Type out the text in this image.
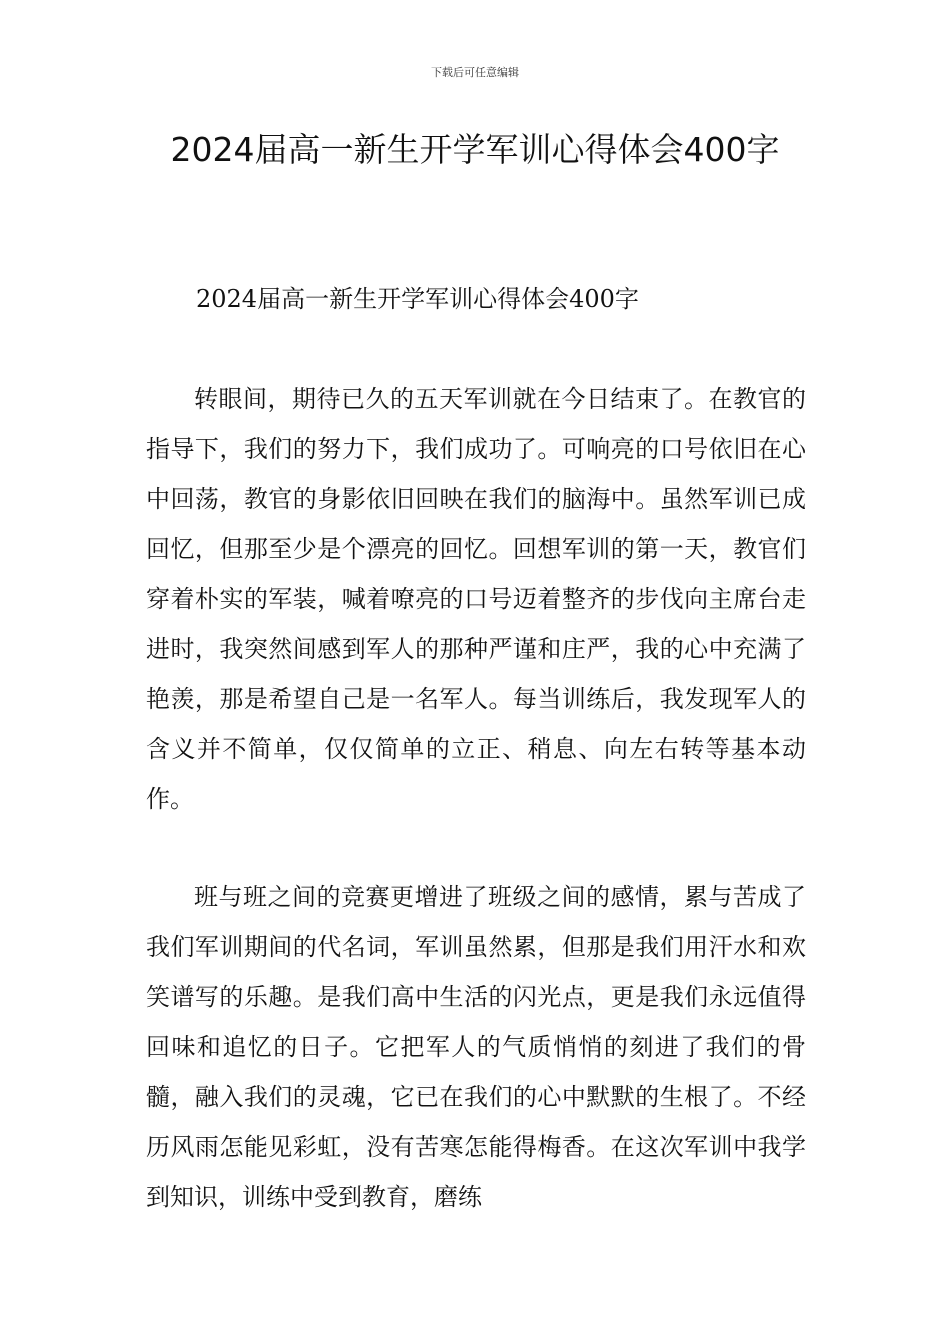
下载后可任意编辑
2024届高一新生开学军训心得体会400字

2024届高一新生开学军训心得体会400字

转眼间，期待已久的五天军训就在今日结束了。在教官的指导下，我们的努力下，我们成功了。可响亮的口号依旧在心中回荡，教官的身影依旧回映在我们的脑海中。虽然军训已成回忆，但那至少是个漂亮的回忆。回想军训的第一天，教官们穿着朴实的军装，喊着嘹亮的口号迈着整齐的步伐向主席台走进时，我突然间感到军人的那种严谨和庄严，我的心中充满了艳羡，那是希望自己是一名军人。每当训练后，我发现军人的含义并不简单，仅仅简单的立正、稍息、向左右转等基本动作。

班与班之间的竞赛更增进了班级之间的感情，累与苦成了我们军训期间的代名词，军训虽然累，但那是我们用汗水和欢笑谱写的乐趣。是我们高中生活的闪光点，更是我们永远值得回味和追忆的日子。它把军人的气质悄悄的刻进了我们的骨髓，融入我们的灵魂，它已在我们的心中默默的生根了。不经历风雨怎能见彩虹，没有苦寒怎能得梅香。在这次军训中我学到知识，训练中受到教育，磨练
